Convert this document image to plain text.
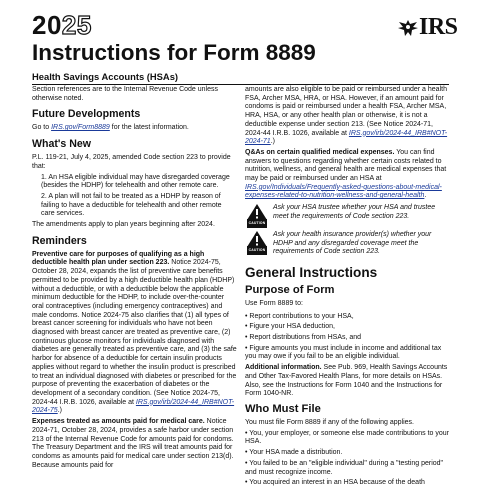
2025	IRS
Instructions for Form 8889
Health Savings Accounts (HSAs)

Section references are to the Internal Revenue Code unless otherwise noted.

Future Developments

Go to IRS.gov/Form8889 for the latest information.

What's New

P.L. 119-21, July 4, 2025, amended Code section 223 to provide that:

1. An HSA eligible individual may have disregarded coverage (besides the HDHP) for telehealth and other remote care.

2. A plan will not fail to be treated as a HDHP by reason of failing to have a deductible for telehealth and other remote care services.

The amendments apply to plan years beginning after 2024.

Reminders

Preventive care for purposes of qualifying as a high deductible health plan under section 223. Notice 2024-75, October 28, 2024, expands the list of preventive care benefits permitted to be provided by a high deductible health plan (HDHP) without a deductible, or with a deductible below the applicable minimum deductible for the HDHP, to include over-the-counter oral contraceptives (including emergency contraceptives) and male condoms. Notice 2024-75 also clarifies that (1) all types of breast cancer screening for individuals who have not been diagnosed with breast cancer are treated as preventive care, (2) continuous glucose monitors for individuals diagnosed with diabetes are generally treated as preventive care, and (3) the safe harbor for absence of a deductible for certain insulin products applies without regard to whether the insulin product is prescribed to treat an individual diagnosed with diabetes or prescribed for the purpose of preventing the exacerbation of diabetes or the development of a secondary condition. (See Notice 2024-75, 2024-44 I.R.B. 1026, available at IRS.gov/irb/2024-44_IRB#NOT-2024-75.)

Expenses treated as amounts paid for medical care. Notice 2024-71, October 28, 2024, provides a safe harbor under section 213 of the Internal Revenue Code for amounts paid for condoms. The Treasury Department and the IRS will treat amounts paid for condoms as amounts paid for medical care under section 213(d). Because amounts paid for

amounts are also eligible to be paid or reimbursed under a health FSA, Archer MSA, HRA, or HSA. However, if an amount paid for condoms is paid or reimbursed under a health FSA, Archer MSA, HRA, HSA, or any other health plan or otherwise, it is not a deductible expense under section 213. (See Notice 2024-71, 2024-44 I.R.B. 1026, available at IRS.gov/irb/2024-44_IRB#NOT-2024-71.)

Q&As on certain qualified medical expenses. You can find answers to questions regarding whether certain costs related to nutrition, wellness, and general health are medical expenses that may be paid or reimbursed under an HSA at IRS.gov/Individuals/Frequently-asked-questions-about-medical-expenses-related-to-nutrition-wellness-and-general-health.

CAUTION
Ask your HSA trustee whether your HSA and trustee meet the requirements of Code section 223.
CAUTION
Ask your health insurance provider(s) whether your HDHP and any disregarded coverage meet the requirements of Code section 223.
General Instructions
Purpose of Form

Use Form 8889 to:

• Report contributions to your HSA,

• Figure your HSA deduction,

• Report distributions from HSAs, and

• Figure amounts you must include in income and additional tax you may owe if you fail to be an eligible individual.

Additional information. See Pub. 969, Health Savings Accounts and Other Tax-Favored Health Plans, for more details on HSAs. Also, see the Instructions for Form 1040 and the Instructions for Form 1040-NR.

Who Must File

You must file Form 8889 if any of the following applies.

• You, your employer, or someone else made contributions to your HSA.

• Your HSA made a distribution.

• You failed to be an "eligible individual" during a "testing period" and must recognize income.

• You acquired an interest in an HSA because of the death
